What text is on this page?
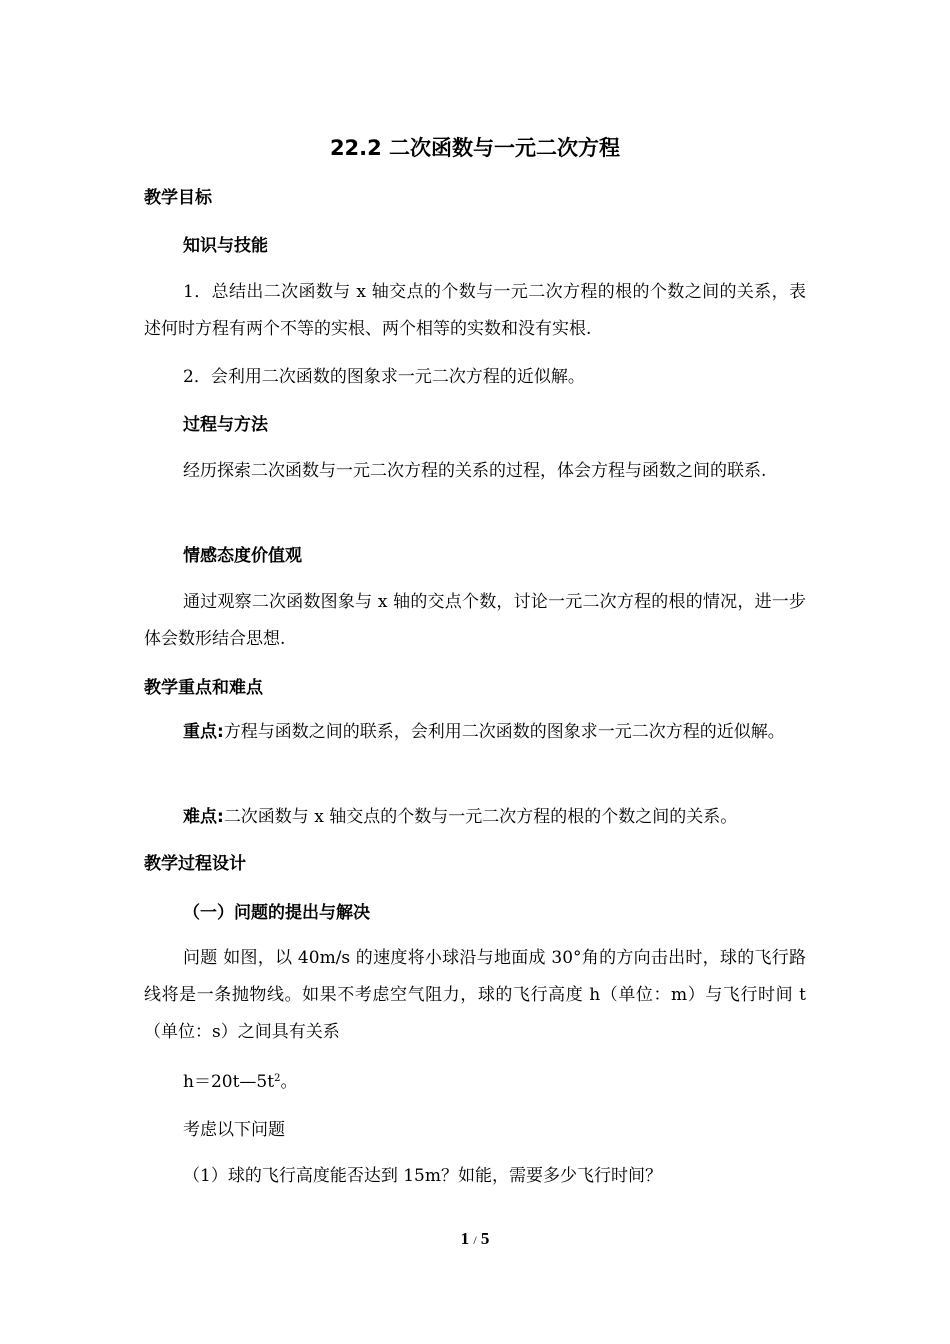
22.2 二次函数与一元二次方程
教学目标
知识与技能
1．总结出二次函数与 x 轴交点的个数与一元二次方程的根的个数之间的关系，表述何时方程有两个不等的实根、两个相等的实数和没有实根.
2．会利用二次函数的图象求一元二次方程的近似解。
过程与方法
经历探索二次函数与一元二次方程的关系的过程，体会方程与函数之间的联系.
情感态度价值观
通过观察二次函数图象与 x 轴的交点个数，讨论一元二次方程的根的情况，进一步体会数形结合思想.
教学重点和难点
重点:方程与函数之间的联系，会利用二次函数的图象求一元二次方程的近似解。
难点:二次函数与 x 轴交点的个数与一元二次方程的根的个数之间的关系。
教学过程设计
（一）问题的提出与解决
问题 如图，以 40m/s 的速度将小球沿与地面成 30°角的方向击出时，球的飞行路线将是一条抛物线。如果不考虑空气阻力，球的飞行高度 h（单位：m）与飞行时间 t（单位：s）之间具有关系
$h=20t—5t^2$。
考虑以下问题
（1）球的飞行高度能否达到 15m？如能，需要多少飞行时间？
1 / 5
